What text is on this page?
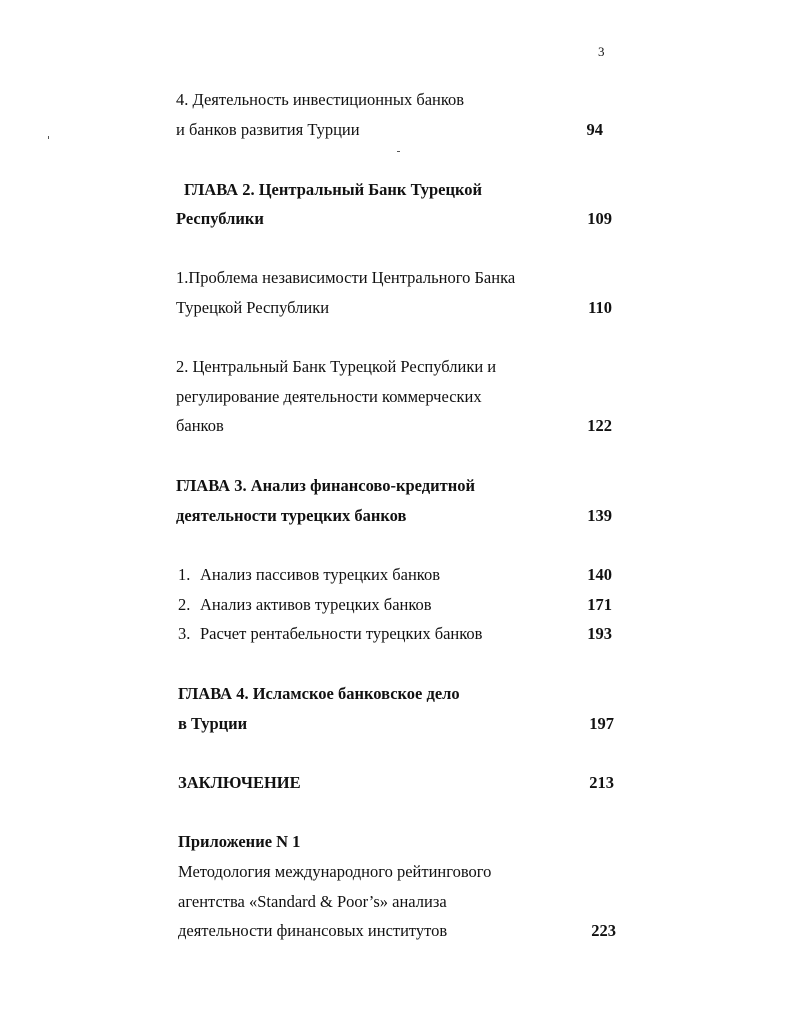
3
4. Деятельность инвестиционных банков
и банков развития Турции	94
ГЛАВА 2. Центральный Банк Турецкой
Республики	109
1.Проблема независимости Центрального Банка
Турецкой Республики	110
2. Центральный Банк Турецкой Республики и
регулирование деятельности коммерческих
банков	122
ГЛАВА 3. Анализ финансово-кредитной
деятельности турецких банков	139
1. Анализ пассивов турецких банков	140
2. Анализ активов турецких банков	171
3. Расчет рентабельности турецких банков	193
ГЛАВА 4. Исламское банковское дело
в Турции	197
ЗАКЛЮЧЕНИЕ	213
Приложение N 1
Методология международного рейтингового
агентства «Standard & Poor’s» анализа
деятельности финансовых институтов	223
